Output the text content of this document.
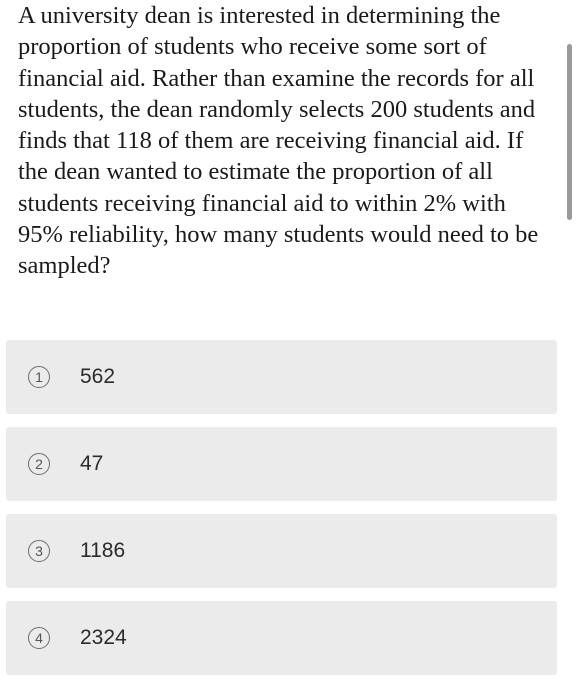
A university dean is interested in determining the proportion of students who receive some sort of financial aid. Rather than examine the records for all students, the dean randomly selects 200 students and finds that 118 of them are receiving financial aid. If the dean wanted to estimate the proportion of all students receiving financial aid to within 2% with 95% reliability, how many students would need to be sampled?

1	562
2	47
3	1186
4	2324
